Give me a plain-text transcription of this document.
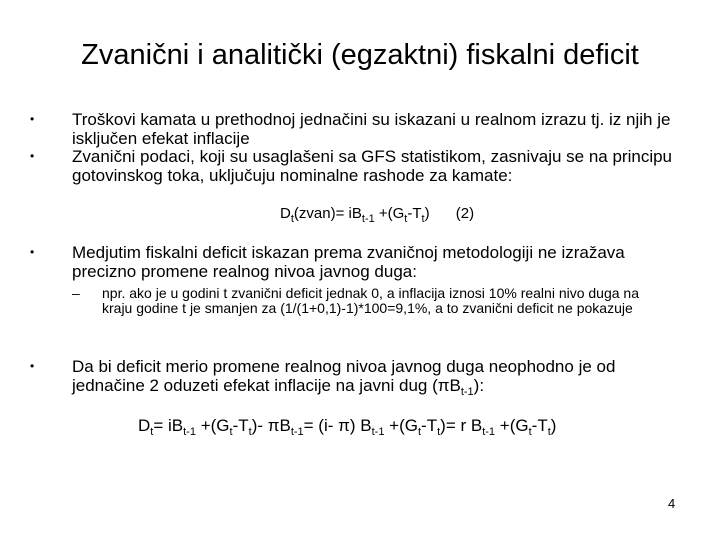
Zvanični i analitički (egzaktni) fiskalni deficit
•	Troškovi kamata u prethodnoj jednačini su iskazani u realnom izrazu tj. iz njih je isključen efekat inflacije
•	Zvanični podaci, koji su usaglašeni sa GFS statistikom, zasnivaju se na principu gotovinskog toka, uključuju nominalne rashode za kamate:
$D_t(zvan)= iB_{t-1} +(G_t-T_t)$ (2)
•	Medjutim fiskalni deficit iskazan prema zvaničnoj metodologiji ne izražava precizno promene realnog nivoa javnog duga:
–	npr. ako je u godini t zvanični deficit jednak 0, a inflacija iznosi 10% realni nivo duga na kraju godine t je smanjen za (1/(1+0,1)-1)*100=9,1%, a to zvanični deficit ne pokazuje
•	Da bi deficit merio promene realnog nivoa javnog duga neophodno je od jednačine 2 oduzeti efekat inflacije na javni dug $(\pi B_{t-1})$:
$D_t= iB_{t-1} +(G_t-T_t)-$ $\pi B_{t-1}= (i-$ π) $B_{t-1} +(G_t-T_t)= r$ $B_{t-1} +(G_t-T_t)$
4
